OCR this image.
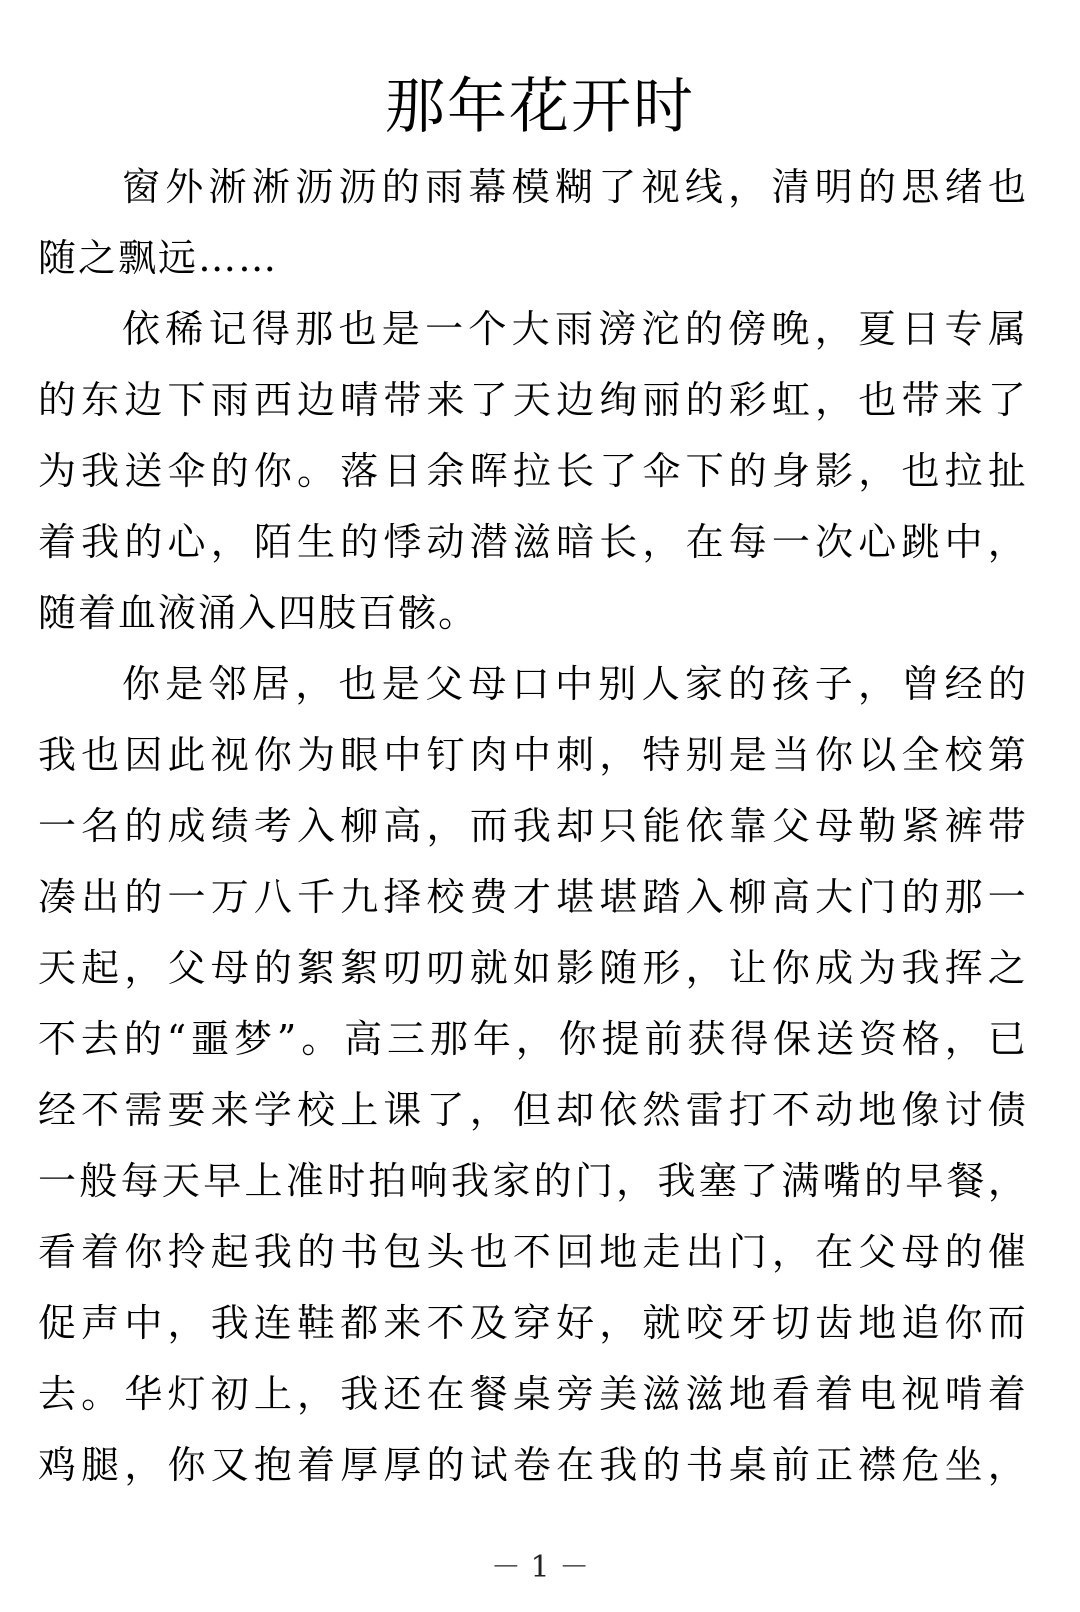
那年花开时
窗 外 淅 淅 沥 沥 的 雨 幕 模 糊 了 视 线 ， 清 明 的 思 绪 也
随 之 飘 远 … …
依 稀 记 得 那 也 是 一 个 大 雨 滂 沱 的 傍 晚 ， 夏 日 专 属
的 东 边 下 雨 西 边 晴 带 来 了 天 边 绚 丽 的 彩 虹 ， 也 带 来 了
为 我 送 伞 的 你 。 落 日 余 晖 拉 长 了 伞 下 的 身 影 ， 也 拉 扯
着 我 的 心 ， 陌 生 的 悸 动 潜 滋 暗 长 ， 在 每 一 次 心 跳 中 ，
随 着 血 液 涌 入 四 肢 百 骸 。
你 是 邻 居 ， 也 是 父 母 口 中 别 人 家 的 孩 子 ， 曾 经 的
我 也 因 此 视 你 为 眼 中 钉 肉 中 刺 ， 特 别 是 当 你 以 全 校 第
一 名 的 成 绩 考 入 柳 高 ， 而 我 却 只 能 依 靠 父 母 勒 紧 裤 带
凑 出 的 一 万 八 千 九 择 校 费 才 堪 堪 踏 入 柳 高 大 门 的 那 一
天 起 ， 父 母 的 絮 絮 叨 叨 就 如 影 随 形 ， 让 你 成 为 我 挥 之
不 去 的 “ 噩 梦 ” 。 高 三 那 年 ， 你 提 前 获 得 保 送 资 格 ， 已
经 不 需 要 来 学 校 上 课 了 ， 但 却 依 然 雷 打 不 动 地 像 讨 债
一 般 每 天 早 上 准 时 拍 响 我 家 的 门 ， 我 塞 了 满 嘴 的 早 餐 ，
看 着 你 拎 起 我 的 书 包 头 也 不 回 地 走 出 门 ， 在 父 母 的 催
促 声 中 ， 我 连 鞋 都 来 不 及 穿 好 ， 就 咬 牙 切 齿 地 追 你 而
去 。 华 灯 初 上 ， 我 还 在 餐 桌 旁 美 滋 滋 地 看 着 电 视 啃 着
鸡 腿 ， 你 又 抱 着 厚 厚 的 试 卷 在 我 的 书 桌 前 正 襟 危 坐 ，
－ 1 －
